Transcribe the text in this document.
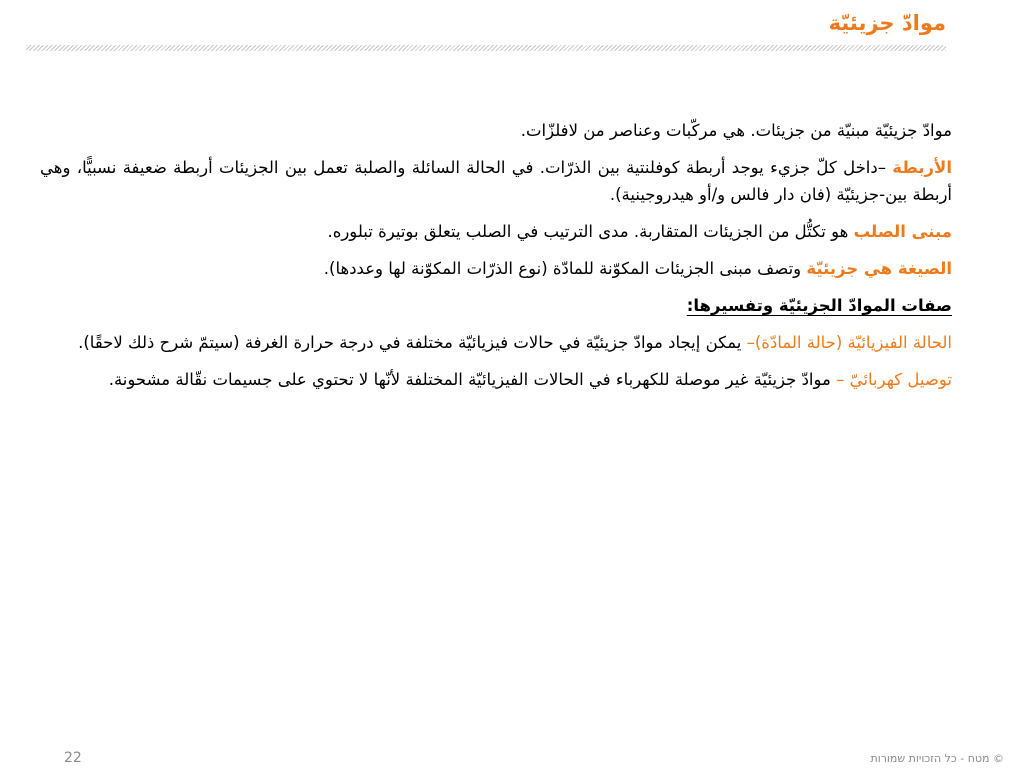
موادّ جزيئيّة

موادّ جزيئيّة مبنيّة من جزيئات. هي مركّبات وعناصر من لافلزّات.

الأربطة –داخل كلّ جزيء يوجد أربطة كوفلنتية بين الذرّات. في الحالة السائلة والصلبة تعمل بين الجزيئات أربطة ضعيفة نسبيًّا، وهي أربطة بين-جزيئيّة (فان دار فالس و/أو هيدروجينية).

مبنى الصلب هو تكتُّل من الجزيئات المتقاربة. مدى الترتيب في الصلب يتعلق بوتيرة تبلوره.

الصيغة هي جزيئيّة وتصف مبنى الجزيئات المكوّنة للمادّة (نوع الذرّات المكوّنة لها وعددها).

صفات الموادّ الجزيئيّة وتفسيرها:

الحالة الفيزيائيّة (حالة المادّة)– يمكن إيجاد موادّ جزيئيّة في حالات فيزيائيّة مختلفة في درجة حرارة الغرفة (سيتمّ شرح ذلك لاحقًا).

توصيل كهربائيّ – موادّ جزيئيّة غير موصلة للكهرباء في الحالات الفيزيائيّة المختلفة لأنّها لا تحتوي على جسيمات نقّالة مشحونة.

22	© מטח - כל הזכויות שמורות
